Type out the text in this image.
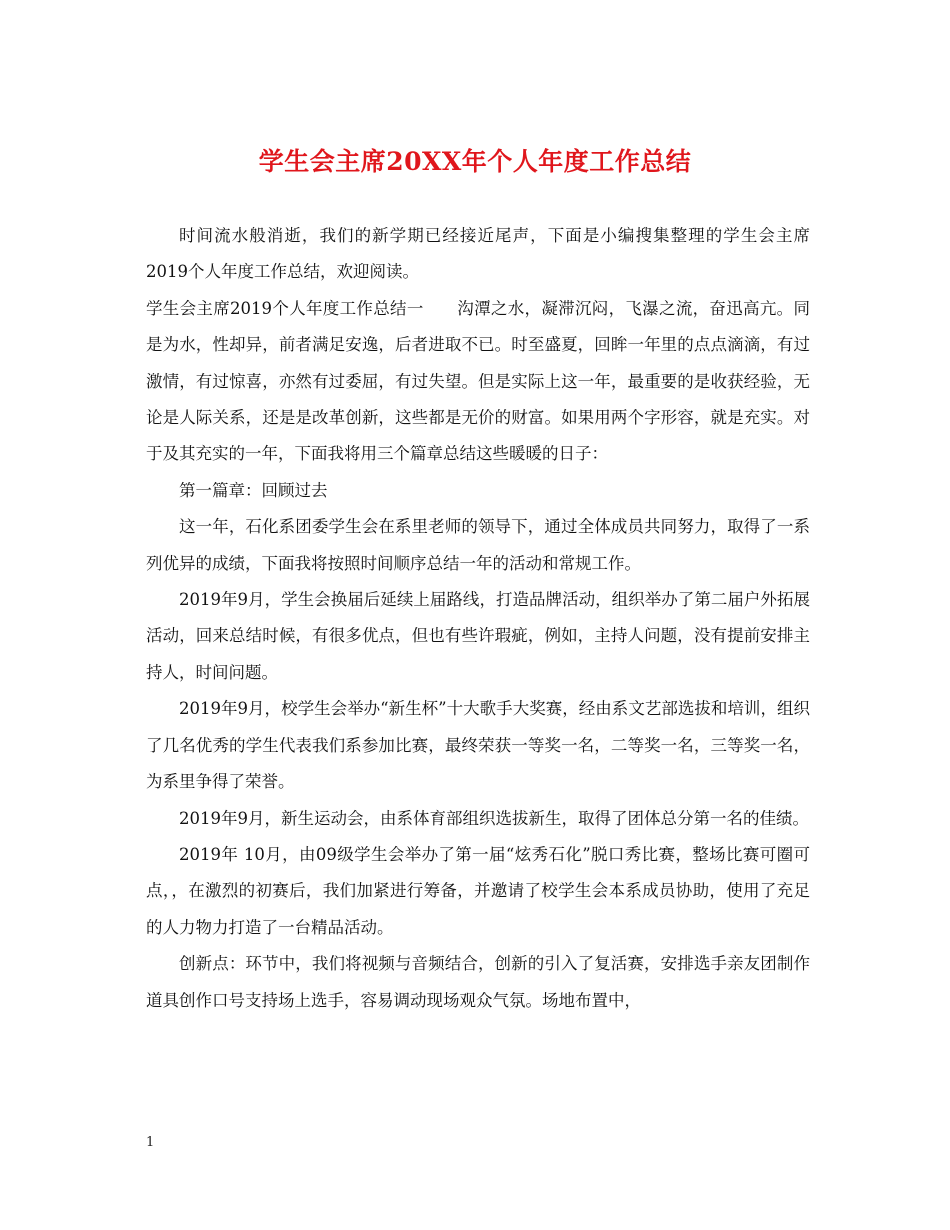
学生会主席20XX年个人年度工作总结

时间流水般消逝，我们的新学期已经接近尾声，下面是小编搜集整理的学生会主席2019个人年度工作总结，欢迎阅读。

学生会主席2019个人年度工作总结一　　沟潭之水，凝滞沉闷，飞瀑之流，奋迅高亢。同是为水，性却异，前者满足安逸，后者进取不已。时至盛夏，回眸一年里的点点滴滴，有过激情，有过惊喜，亦然有过委屈，有过失望。但是实际上这一年，最重要的是收获经验，无论是人际关系，还是是改革创新，这些都是无价的财富。如果用两个字形容，就是充实。对于及其充实的一年，下面我将用三个篇章总结这些暖暖的日子：

第一篇章：回顾过去

这一年，石化系团委学生会在系里老师的领导下，通过全体成员共同努力，取得了一系列优异的成绩，下面我将按照时间顺序总结一年的活动和常规工作。

2019年9月，学生会换届后延续上届路线，打造品牌活动，组织举办了第二届户外拓展活动，回来总结时候，有很多优点，但也有些许瑕疵，例如，主持人问题，没有提前安排主持人，时间问题。

2019年9月，校学生会举办“新生杯”十大歌手大奖赛，经由系文艺部选拔和培训，组织了几名优秀的学生代表我们系参加比赛，最终荣获一等奖一名，二等奖一名，三等奖一名，为系里争得了荣誉。

2019年9月，新生运动会，由系体育部组织选拔新生，取得了团体总分第一名的佳绩。

2019年 10月，由09级学生会举办了第一届“炫秀石化”脱口秀比赛，整场比赛可圈可点，，在激烈的初赛后，我们加紧进行筹备，并邀请了校学生会本系成员协助，使用了充足的人力物力打造了一台精品活动。

创新点：环节中，我们将视频与音频结合，创新的引入了复活赛，安排选手亲友团制作道具创作口号支持场上选手，容易调动现场观众气氛。场地布置中，

1
